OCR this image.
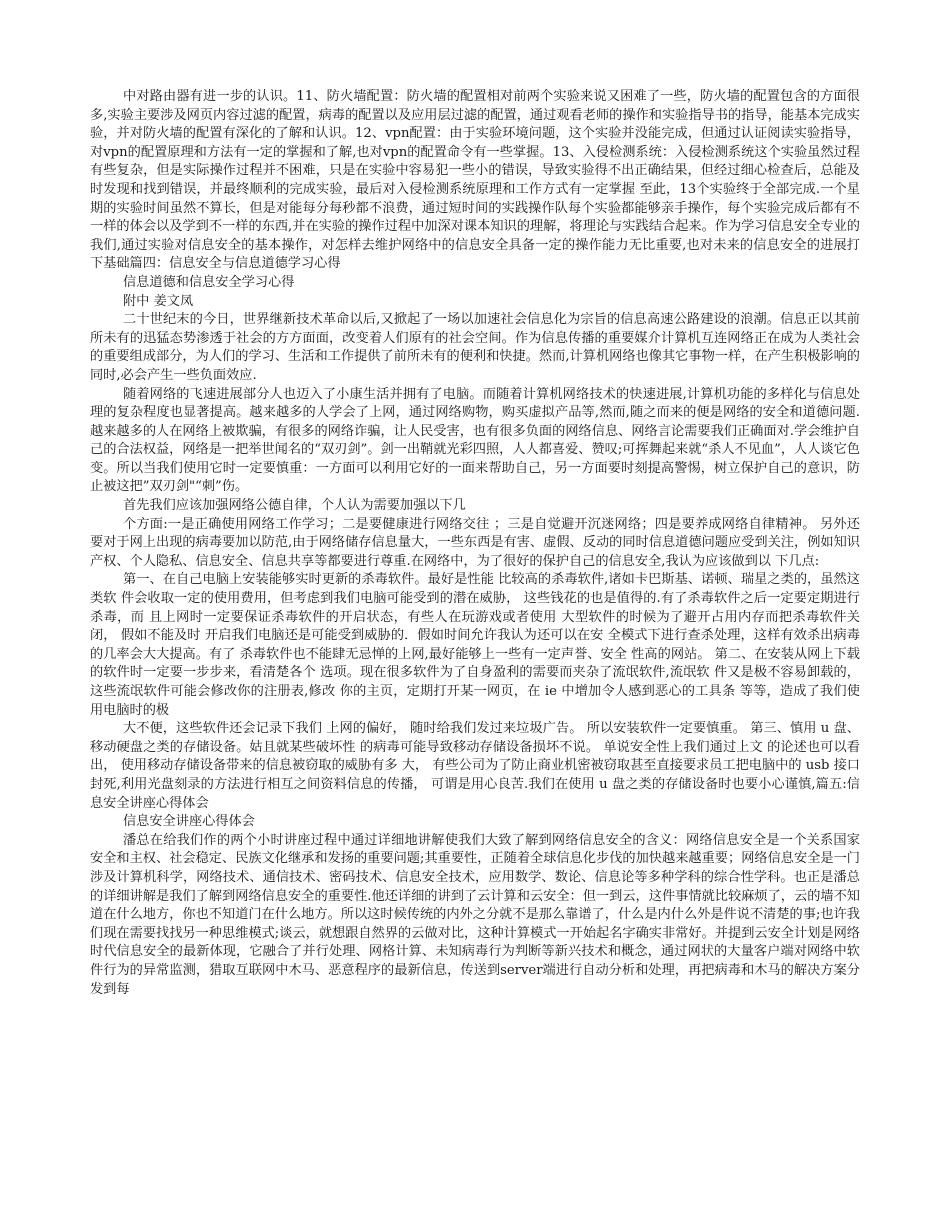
中对路由器有进一步的认识。11、防火墙配置：防火墙的配置相对前两个实验来说又困难了一些，防火墙的配置包含的方面很多,实验主要涉及网页内容过滤的配置，病毒的配置以及应用层过滤的配置，通过观看老师的操作和实验指导书的指导，能基本完成实验，并对防火墙的配置有深化的了解和认识。12、vpn配置：由于实验环境问题，这个实验并没能完成，但通过认证阅读实验指导，对vpn的配置原理和方法有一定的掌握和了解,也对vpn的配置命令有一些掌握。13、入侵检测系统：入侵检测系统这个实验虽然过程有些复杂，但是实际操作过程并不困难，只是在实验中容易犯一些小的错误，导致实验得不出正确结果，但经过细心检查后，总能及时发现和找到错误，并最终顺利的完成实验，最后对入侵检测系统原理和工作方式有一定掌握 至此，13个实验终于全部完成.一个星期的实验时间虽然不算长，但是对能每分每秒都不浪费，通过短时间的实践操作队每个实验都能够亲手操作，每个实验完成后都有不一样的体会以及学到不一样的东西,并在实验的操作过程中加深对课本知识的理解，将理论与实践结合起来。作为学习信息安全专业的我们,通过实验对信息安全的基本操作，对怎样去维护网络中的信息安全具备一定的操作能力无比重要,也对未来的信息安全的进展打下基础篇四：信息安全与信息道德学习心得

信息道德和信息安全学习心得

附中 姜文凤

二十世纪末的今日，世界继新技术革命以后,又掀起了一场以加速社会信息化为宗旨的信息高速公路建设的浪潮。信息正以其前所未有的迅猛态势渗透于社会的方方面面，改变着人们原有的社会空间。作为信息传播的重要媒介计算机互连网络正在成为人类社会的重要组成部分，为人们的学习、生活和工作提供了前所未有的便利和快捷。然而,计算机网络也像其它事物一样，在产生积极影响的同时,必会产生一些负面效应.

随着网络的飞速进展部分人也迈入了小康生活并拥有了电脑。而随着计算机网络技术的快速进展,计算机功能的多样化与信息处理的复杂程度也显著提高。越来越多的人学会了上网，通过网络购物，购买虚拟产品等,然而,随之而来的便是网络的安全和道德问题.越来越多的人在网络上被欺骗，有很多的网络诈骗，让人民受害，也有很多负面的网络信息、网络言论需要我们正确面对.学会维护自己的合法权益，网络是一把举世闻名的“双刃剑”。剑一出鞘就光彩四照，人人都喜爱、赞叹;可挥舞起来就“杀人不见血”，人人谈它色变。所以当我们使用它时一定要慎重：一方面可以利用它好的一面来帮助自己，另一方面要时刻提高警惕，树立保护自己的意识，防止被这把”双刃剑"“刺”伤。

首先我们应该加强网络公德自律，个人认为需要加强以下几

个方面:一是正确使用网络工作学习；二是要健康进行网络交往 ；三是自觉避开沉迷网络；四是要养成网络自律精神。 另外还要对于网上出现的病毒要加以防范,由于网络储存信息量大，一些东西是有害、虚假、反动的同时信息道德问题应受到关注，例如知识产权、个人隐私、信息安全、信息共享等都要进行尊重.在网络中，为了很好的保护自己的信息安全,我认为应该做到以 下几点:

第一、在自己电脑上安装能够实时更新的杀毒软件。最好是性能 比较高的杀毒软件,诸如卡巴斯基、诺顿、瑞星之类的，虽然这类软 件会收取一定的使用费用，但考虑到我们电脑可能受到的潜在威胁， 这些钱花的也是值得的.有了杀毒软件之后一定要定期进行杀毒，而 且上网时一定要保证杀毒软件的开启状态，有些人在玩游戏或者使用 大型软件的时候为了避开占用内存而把杀毒软件关闭， 假如不能及时 开启我们电脑还是可能受到威胁的．假如时间允许我认为还可以在安 全模式下进行查杀处理，这样有效杀出病毒的几率会大大提高。有了 杀毒软件也不能肆无忌惮的上网,最好能够上一些有一定声誉、安全 性高的网站。 第二、在安装从网上下载的软件时一定要一步步来，看清楚各个 选项。现在很多软件为了自身盈利的需要而夹杂了流氓软件,流氓软 件又是极不容易卸载的，这些流氓软件可能会修改你的注册表,修改 你的主页，定期打开某一网页，在 ie 中增加令人感到恶心的工具条 等等，造成了我们使用电脑时的极

大不便，这些软件还会记录下我们 上网的偏好， 随时给我们发过来垃圾广告。 所以安装软件一定要慎重。 第三、慎用 u 盘、移动硬盘之类的存储设备。姑且就某些破坏性 的病毒可能导致移动存储设备损坏不说。 单说安全性上我们通过上文 的论述也可以看出， 使用移动存储设备带来的信息被窃取的威胁有多 大， 有些公司为了防止商业机密被窃取甚至直接要求员工把电脑中的 usb 接口封死,利用光盘刻录的方法进行相互之间资料信息的传播， 可谓是用心良苦.我们在使用 u 盘之类的存储设备时也要小心谨慎,篇五:信息安全讲座心得体会

信息安全讲座心得体会

潘总在给我们作的两个小时讲座过程中通过详细地讲解使我们大致了解到网络信息安全的含义：网络信息安全是一个关系国家安全和主权、社会稳定、民族文化继承和发扬的重要问题;其重要性，正随着全球信息化步伐的加快越来越重要；网络信息安全是一门涉及计算机科学，网络技术、通信技术、密码技术、信息安全技术，应用数学、数论、信息论等多种学科的综合性学科。也正是潘总的详细讲解是我们了解到网络信息安全的重要性.他还详细的讲到了云计算和云安全：但一到云，这件事情就比较麻烦了，云的墙不知道在什么地方，你也不知道门在什么地方。所以这时候传统的内外之分就不是那么靠谱了，什么是内什么外是件说不清楚的事;也许我们现在需要找找另一种思维模式;谈云，就想跟自然界的云做对比，这种计算模式一开始起名字确实非常好。并提到云安全计划是网络时代信息安全的最新体现，它融合了并行处理、网格计算、未知病毒行为判断等新兴技术和概念，通过网状的大量客户端对网络中软件行为的异常监测，猎取互联网中木马、恶意程序的最新信息，传送到server端进行自动分析和处理，再把病毒和木马的解决方案分发到每
